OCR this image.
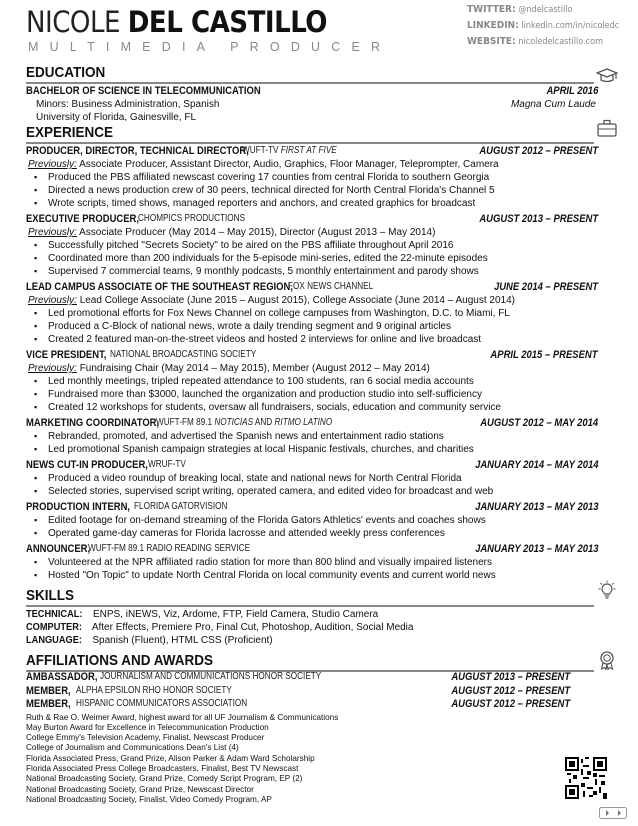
NICOLE DEL CASTILLO
MULTIMEDIA PRODUCER
TWITTER: @ndelcastillo
LINKEDIN: linkedin.com/in/nicoledc
WEBSITE: nicoledelcastillo.com
EDUCATION
BACHELOR OF SCIENCE IN TELECOMMUNICATION	APRIL 2016
Minors: Business Administration, Spanish
University of Florida, Gainesville, FL
Magna Cum Laude
EXPERIENCE
PRODUCER, DIRECTOR, TECHNICAL DIRECTOR,
WUFT-TV FIRST AT FIVE	AUGUST 2012 – PRESENT
Previously: Associate Producer, Assistant Director, Audio, Graphics, Floor Manager, Teleprompter, Camera
▪ Produced the PBS affiliated newscast covering 17 counties from central Florida to southern Georgia
▪ Directed a news production crew of 30 peers, technical directed for North Central Florida's Channel 5
▪ Wrote scripts, timed shows, managed reporters and anchors, and created graphics for broadcast
EXECUTIVE PRODUCER,
CHOMPICS PRODUCTIONS	AUGUST 2013 – PRESENT
Previously: Associate Producer (May 2014 – May 2015), Director (August 2013 – May 2014)
▪ Successfully pitched "Secrets Society" to be aired on the PBS affiliate throughout April 2016
▪ Coordinated more than 200 individuals for the 5-episode mini-series, edited the 22-minute episodes
▪ Supervised 7 commercial teams, 9 monthly podcasts, 5 monthly entertainment and parody shows
LEAD CAMPUS ASSOCIATE OF THE SOUTHEAST REGION,
FOX NEWS CHANNEL	JUNE 2014 – PRESENT
Previously: Lead College Associate (June 2015 – August 2015), College Associate (June 2014 – August 2014)
▪ Led promotional efforts for Fox News Channel on college campuses from Washington, D.C. to Miami, FL
▪ Produced a C-Block of national news, wrote a daily trending segment and 9 original articles
▪ Created 2 featured man-on-the-street videos and hosted 2 interviews for online and live broadcast
VICE PRESIDENT, NATIONAL BROADCASTING SOCIETY	APRIL 2015 – PRESENT
Previously: Fundraising Chair (May 2014 – May 2015), Member (August 2012 – May 2014)
▪ Led monthly meetings, tripled repeated attendance to 100 students, ran 6 social media accounts
▪ Fundraised more than $3000, launched the organization and production studio into self-sufficiency
▪ Created 12 workshops for students, oversaw all fundraisers, socials, education and community service
MARKETING COORDINATOR,
WUFT-FM 89.1 NOTICIAS AND RITMO LATINO	AUGUST 2012 – MAY 2014
▪ Rebranded, promoted, and advertised the Spanish news and entertainment radio stations
▪ Led promotional Spanish campaign strategies at local Hispanic festivals, churches, and charities
NEWS CUT-IN PRODUCER, WRUF-TV	JANUARY 2014 – MAY 2014
▪ Produced a video roundup of breaking local, state and national news for North Central Florida
▪ Selected stories, supervised script writing, operated camera, and edited video for broadcast and web
PRODUCTION INTERN, FLORIDA GATORVISION	JANUARY 2013 – MAY 2013
▪ Edited footage for on-demand streaming of the Florida Gators Athletics' events and coaches shows
▪ Operated game-day cameras for Florida lacrosse and attended weekly press conferences
ANNOUNCER,
WUFT-FM 89.1 RADIO READING SERVICE	JANUARY 2013 – MAY 2013
▪ Volunteered at the NPR affiliated radio station for more than 800 blind and visually impaired listeners
▪ Hosted "On Topic" to update North Central Florida on local community events and current world news
SKILLS
TECHNICAL: ENPS, iNEWS, Viz, Ardome, FTP, Field Camera, Studio Camera
COMPUTER: After Effects, Premiere Pro, Final Cut, Photoshop, Audition, Social Media
LANGUAGE: Spanish (Fluent), HTML CSS (Proficient)
AFFILIATIONS AND AWARDS
AMBASSADOR, JOURNALISM AND COMMUNICATIONS HONOR SOCIETY	AUGUST 2013 – PRESENT
MEMBER, ALPHA EPSILON RHO HONOR SOCIETY	AUGUST 2012 – PRESENT
MEMBER, HISPANIC COMMUNICATORS ASSOCIATION	AUGUST 2012 – PRESENT
Ruth & Rae O. Weimer Award, highest award for all UF Journalism & Communications
May Burton Award for Excellence in Telecommunication Production
College Emmy's Television Academy, Finalist, Newscast Producer
College of Journalism and Communications Dean's List (4)
Florida Associated Press, Grand Prize, Alison Parker & Adam Ward Scholarship
Florida Associated Press College Broadcasters, Finalist, Best TV Newscast
National Broadcasting Society, Grand Prize, Comedy Script Program, EP (2)
National Broadcasting Society, Grand Prize, Newscast Director
National Broadcasting Society, Finalist, Video Comedy Program, AP
